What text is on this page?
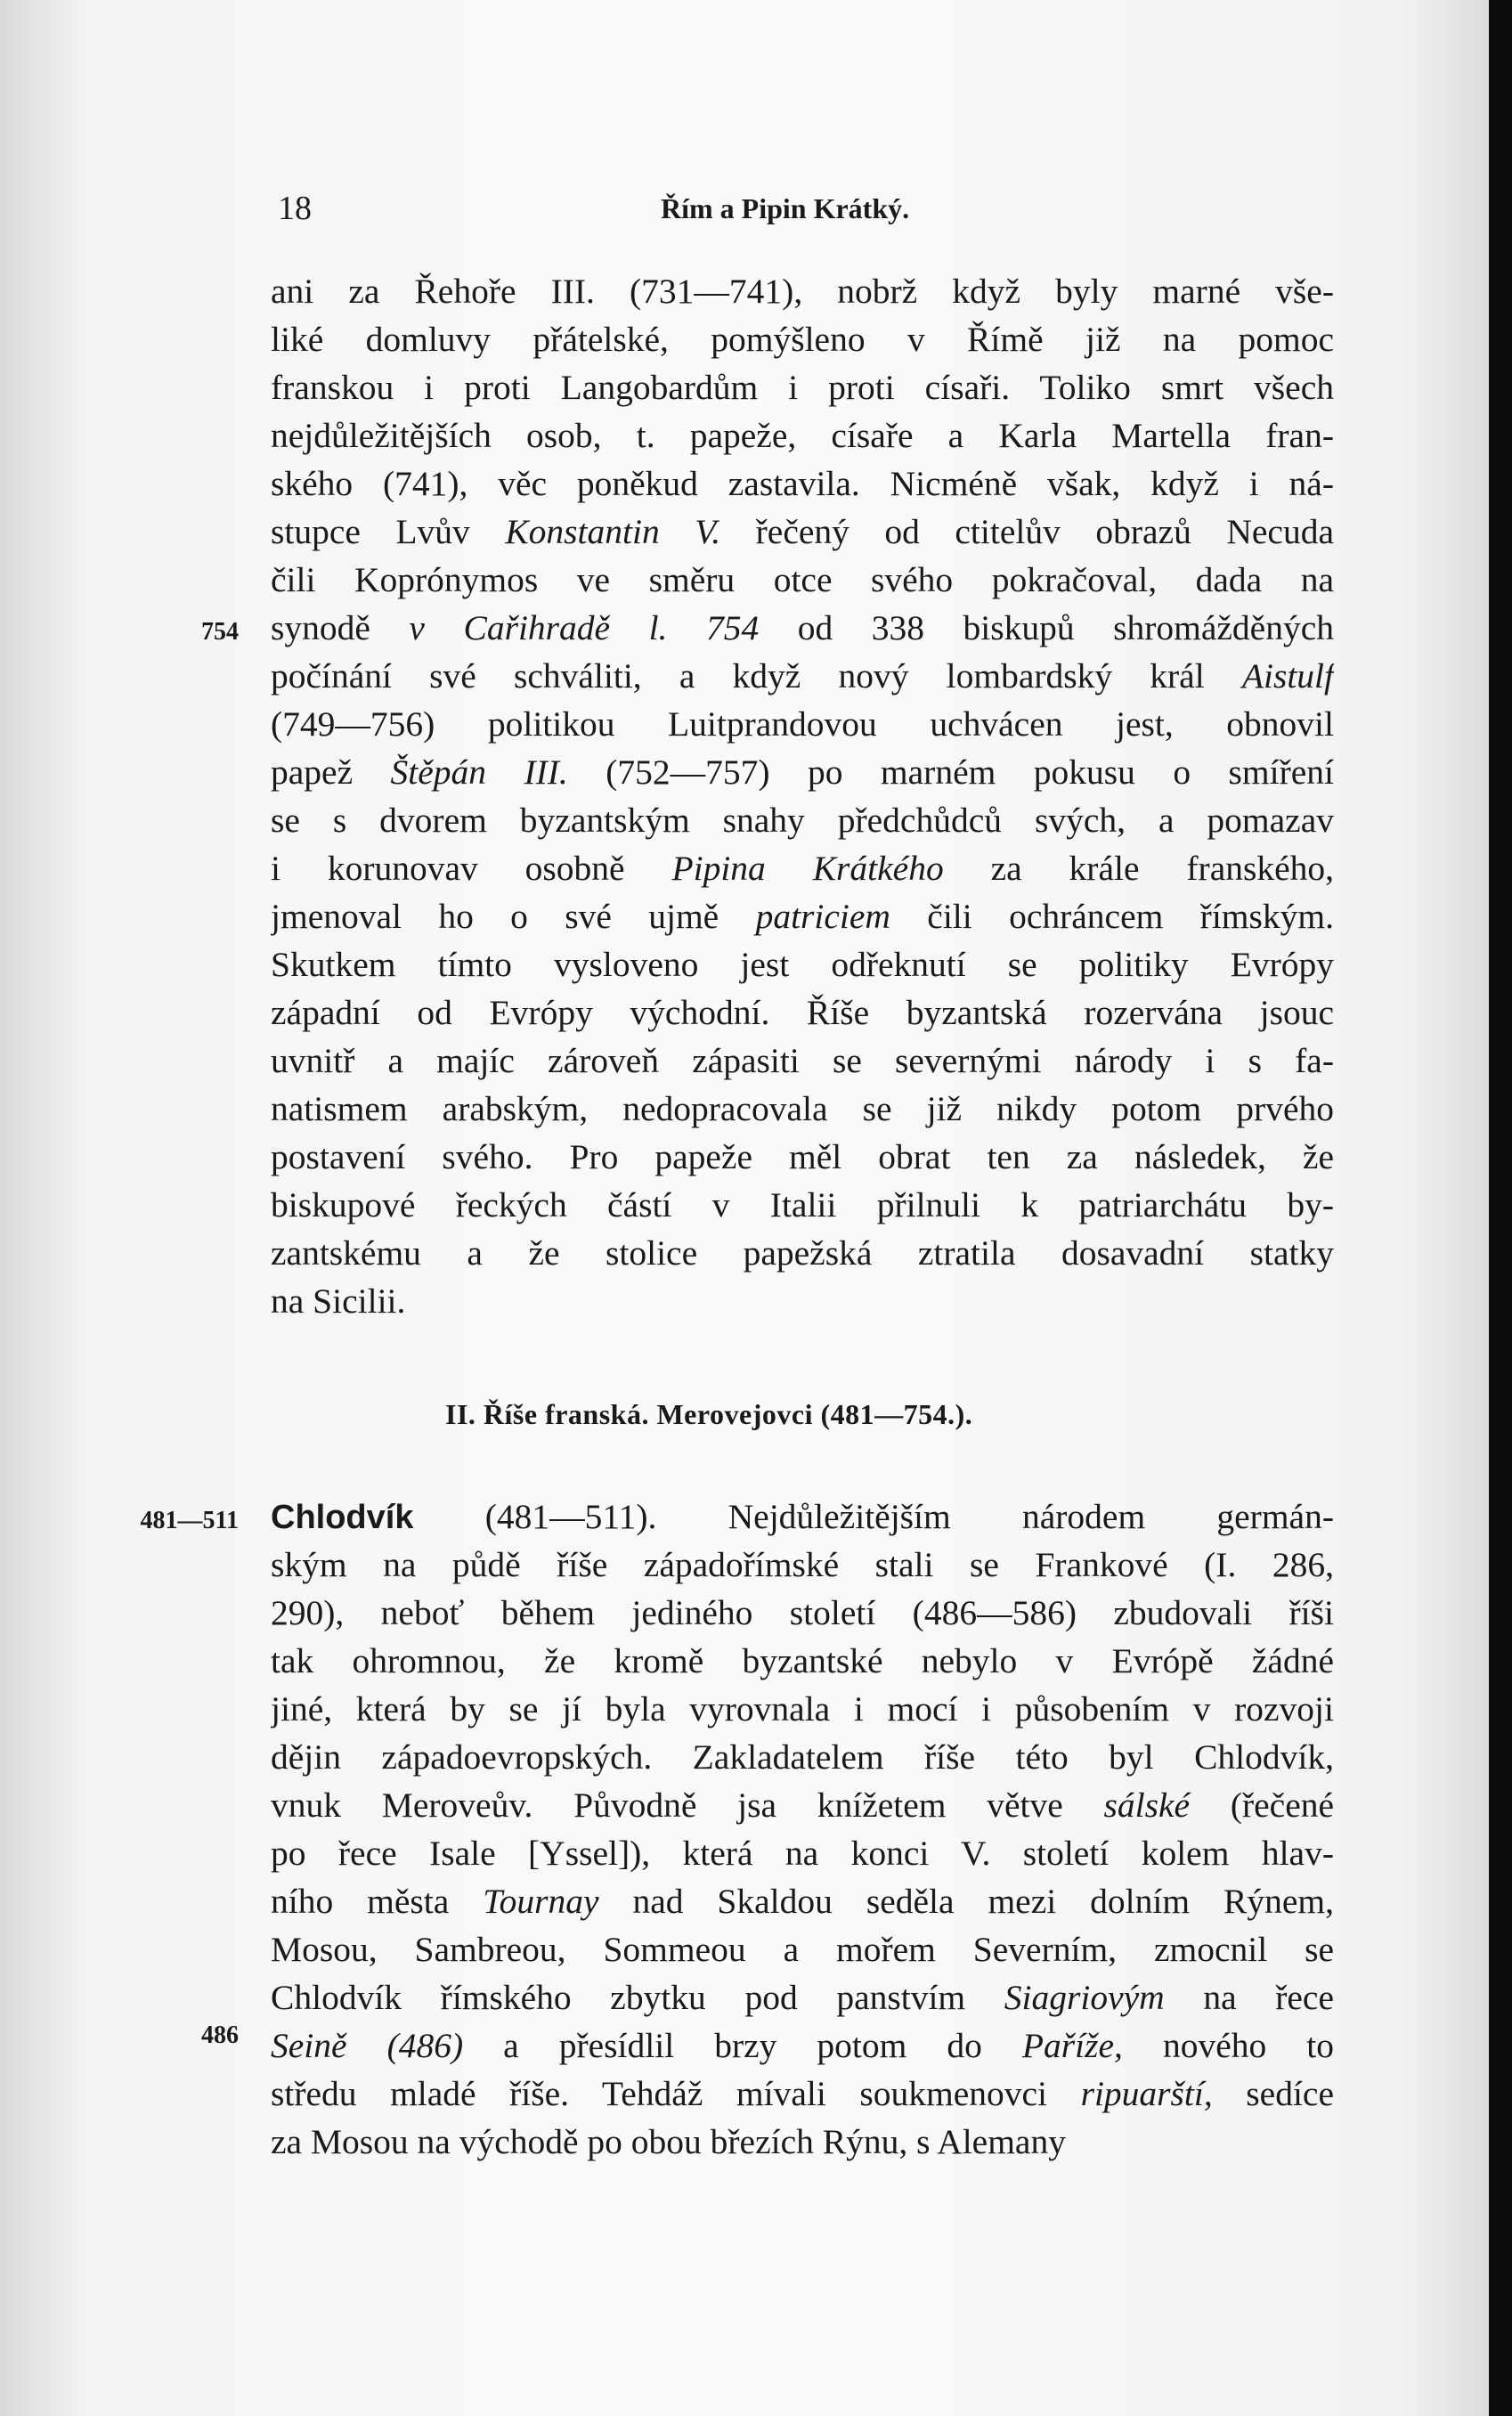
18	Řím a Pipin Krátký.
ani za Řehoře III. (731—741), nobrž když byly marné vše-
liké domluvy přátelské, pomýšleno v Římě již na pomoc
franskou i proti Langobardům i proti císaři. Toliko smrt všech
nejdůležitějších osob, t. papeže, císaře a Karla Martella fran-
ského (741), věc poněkud zastavila. Nicméně však, když i ná-
stupce Lvův Konstantin V. řečený od ctitelův obrazů Necuda
čili Koprónymos ve směru otce svého pokračoval, dada na
synodě v Cařihradě l. 754 od 338 biskupů shromážděných
počínání své schváliti, a když nový lombardský král Aistulf
(749—756) politikou Luitprandovou uchvácen jest, obnovil
papež Štěpán III. (752—757) po marném pokusu o smíření
se s dvorem byzantským snahy předchůdců svých, a pomazav
i korunovav osobně Pipina Krátkého za krále franského,
jmenoval ho o své ujmě patriciem čili ochráncem římským.
Skutkem tímto vysloveno jest odřeknutí se politiky Evrópy
západní od Evrópy východní. Říše byzantská rozervána jsouc
uvnitř a majíc zároveň zápasiti se severnými národy i s fa-
natismem arabským, nedopracovala se již nikdy potom prvého
postavení svého. Pro papeže měl obrat ten za následek, že
biskupové řeckých částí v Italii přilnuli k patriarchátu by-
zantskému a že stolice papežská ztratila dosavadní statky
na Sicilii.
754
II. Říše franská. Merovejovci (481—754.).
Chlodvík (481—511). Nejdůležitějším národem germán-
ským na půdě říše západořímské stali se Frankové (I. 286,
290), neboť během jediného století (486—586) zbudovali říši
tak ohromnou, že kromě byzantské nebylo v Evrópě žádné
jiné, která by se jí byla vyrovnala i mocí i působením v rozvoji
dějin západoevropských. Zakladatelem říše této byl Chlodvík,
vnuk Meroveův. Původně jsa knížetem větve sálské (řečené
po řece Isale [Yssel]), která na konci V. století kolem hlav-
ního města Tournay nad Skaldou seděla mezi dolním Rýnem,
Mosou, Sambreou, Sommeou a mořem Severním, zmocnil se
Chlodvík římského zbytku pod panstvím Siagriovým na řece
Seině (486) a přesídlil brzy potom do Paříže, nového to
středu mladé říše. Tehdáž mívali soukmenovci ripuarští, sedíce
za Mosou na východě po obou březích Rýnu, s Alemany
481—511
486
